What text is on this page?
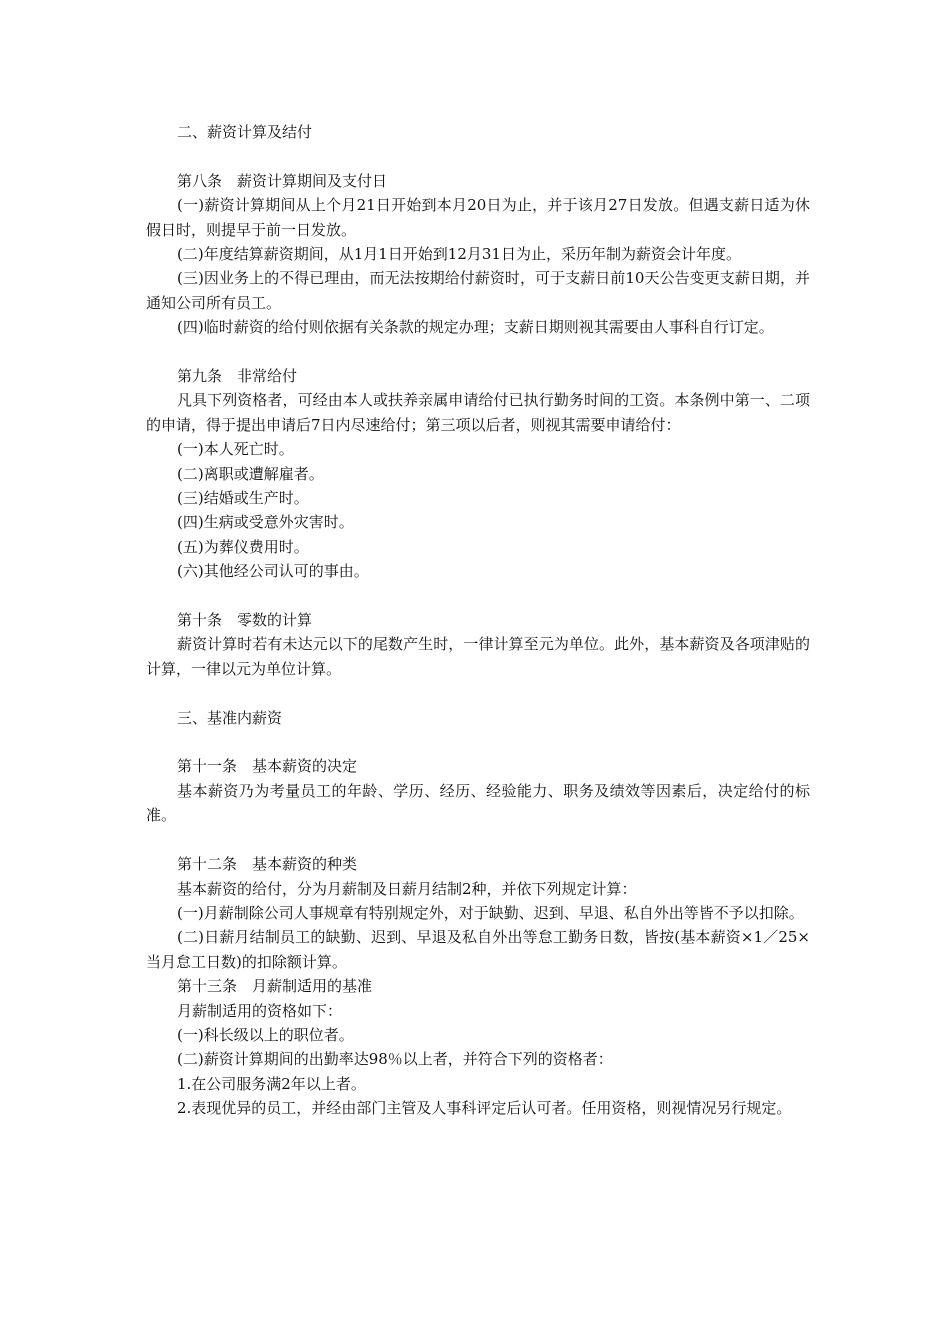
二、薪资计算及结付

第八条　薪资计算期间及支付日

(一)薪资计算期间从上个月21日开始到本月20日为止，并于该月27日发放。但遇支薪日适为休假日时，则提早于前一日发放。

(二)年度结算薪资期间，从1月1日开始到12月31日为止，采历年制为薪资会计年度。

(三)因业务上的不得已理由，而无法按期给付薪资时，可于支薪日前10天公告变更支薪日期，并通知公司所有员工。

(四)临时薪资的给付则依据有关条款的规定办理；支薪日期则视其需要由人事科自行订定。

第九条　非常给付

凡具下列资格者，可经由本人或扶养亲属申请给付已执行勤务时间的工资。本条例中第一、二项的申请，得于提出申请后7日内尽速给付；第三项以后者，则视其需要申请给付：

(一)本人死亡时。

(二)离职或遭解雇者。

(三)结婚或生产时。

(四)生病或受意外灾害时。

(五)为葬仪费用时。

(六)其他经公司认可的事由。

第十条　零数的计算

薪资计算时若有未达元以下的尾数产生时，一律计算至元为单位。此外，基本薪资及各项津贴的计算，一律以元为单位计算。

三、基准内薪资

第十一条　基本薪资的决定

基本薪资乃为考量员工的年龄、学历、经历、经验能力、职务及绩效等因素后，决定给付的标准。

第十二条　基本薪资的种类

基本薪资的给付，分为月薪制及日薪月结制2种，并依下列规定计算：

(一)月薪制除公司人事规章有特别规定外，对于缺勤、迟到、早退、私自外出等皆不予以扣除。

(二)日薪月结制员工的缺勤、迟到、早退及私自外出等怠工勤务日数，皆按(基本薪资×1／25×当月怠工日数)的扣除额计算。

第十三条　月薪制适用的基准

月薪制适用的资格如下：

(一)科长级以上的职位者。

(二)薪资计算期间的出勤率达98％以上者，并符合下列的资格者：

1.在公司服务满2年以上者。

2.表现优异的员工，并经由部门主管及人事科评定后认可者。任用资格，则视情况另行规定。
